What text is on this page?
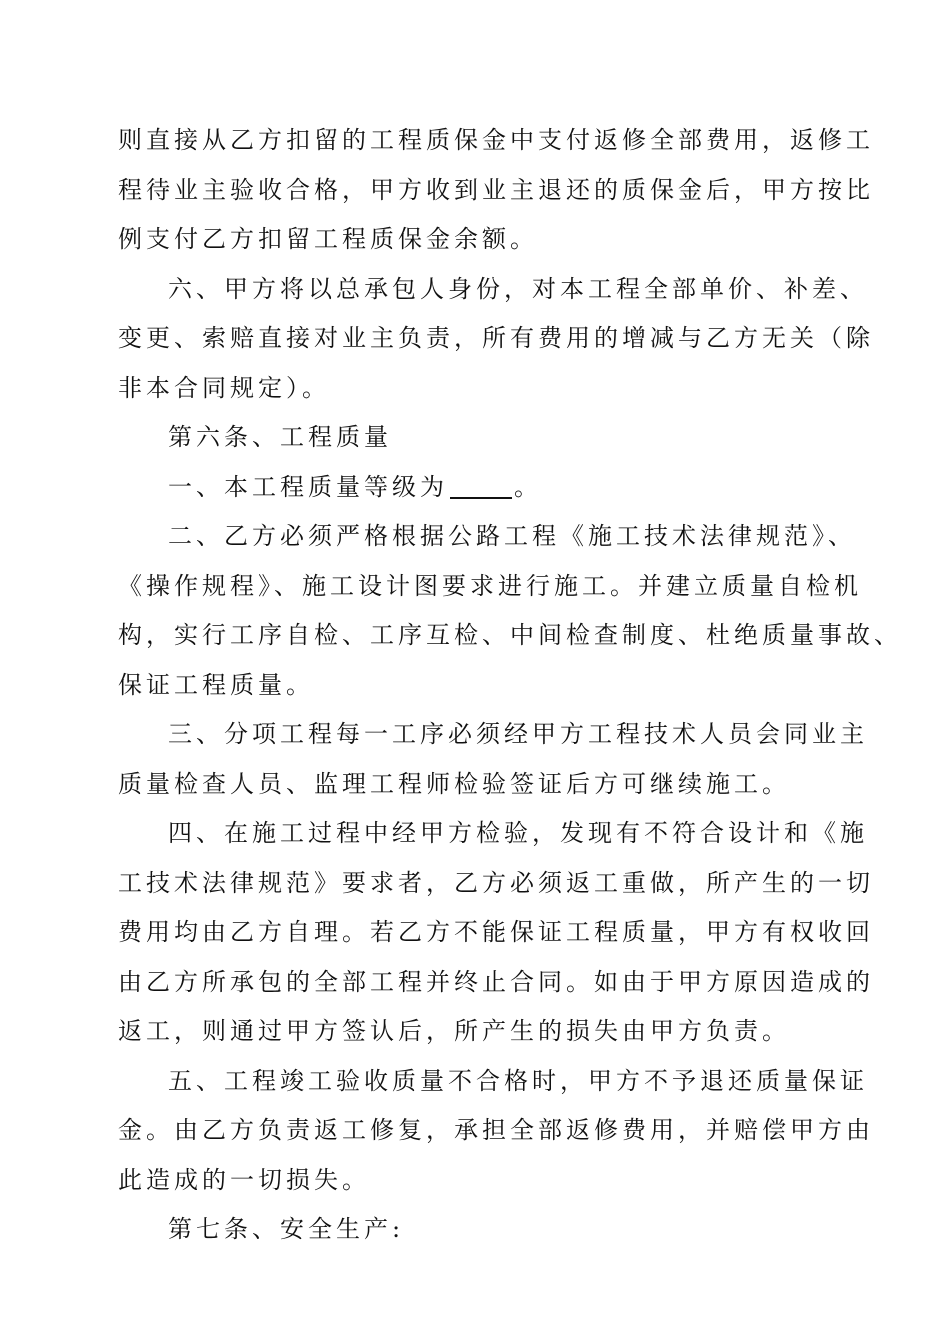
则直接从乙方扣留的工程质保金中支付返修全部费用，返修工
程待业主验收合格，甲方收到业主退还的质保金后，甲方按比
例支付乙方扣留工程质保金余额。
六、甲方将以总承包人身份，对本工程全部单价、补差、
变更、索赔直接对业主负责，所有费用的增减与乙方无关（除
非本合同规定）。
第六条、工程质量
一、本工程质量等级为	。
二、乙方必须严格根据公路工程《施工技术法律规范》、
《操作规程》、施工设计图要求进行施工。并建立质量自检机
构，实行工序自检、工序互检、中间检查制度、杜绝质量事故、
保证工程质量。
三、分项工程每一工序必须经甲方工程技术人员会同业主
质量检查人员、监理工程师检验签证后方可继续施工。
四、在施工过程中经甲方检验，发现有不符合设计和《施
工技术法律规范》要求者，乙方必须返工重做，所产生的一切
费用均由乙方自理。若乙方不能保证工程质量，甲方有权收回
由乙方所承包的全部工程并终止合同。如由于甲方原因造成的
返工，则通过甲方签认后，所产生的损失由甲方负责。
五、工程竣工验收质量不合格时，甲方不予退还质量保证
金。由乙方负责返工修复，承担全部返修费用，并赔偿甲方由
此造成的一切损失。
第七条、安全生产:
